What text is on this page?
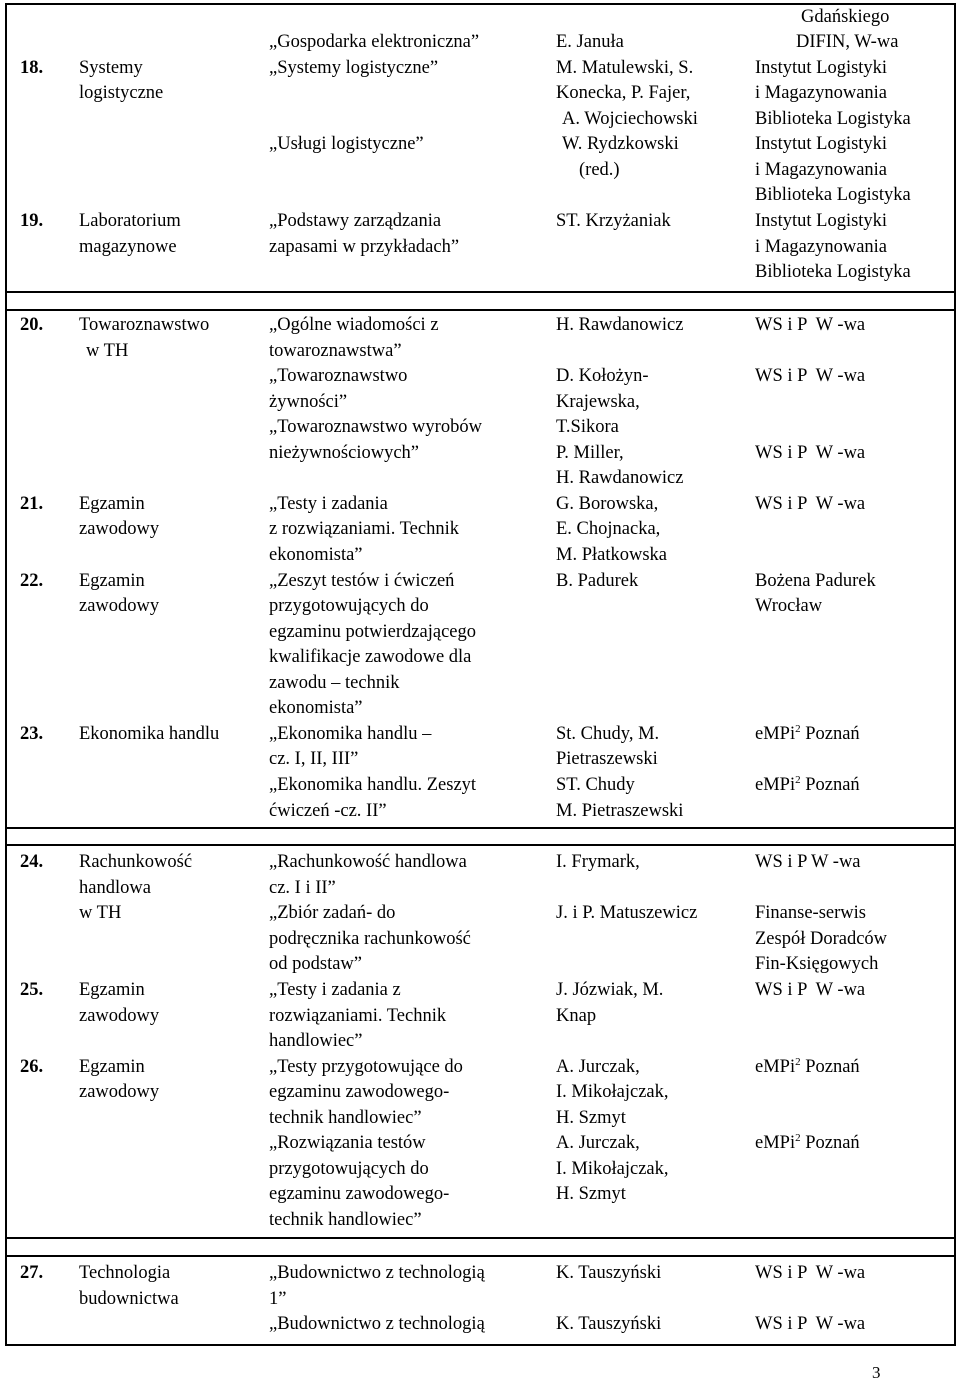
18. Systemy
logistyczne
19. Laboratorium
magazynowe
„Gospodarka elektroniczna”
„Systemy logistyczne”
„Usługi logistyczne”
„Podstawy zarządzania
zapasami w przykładach”
E. Januła
M. Matulewski, S.
Konecka, P. Fajer,
A. Wojciechowski
W. Rydzkowski
(red.)
ST. Krzyżaniak
Gdańskiego
DIFIN, W-wa
Instytut Logistyki
i Magazynowania
Biblioteka Logistyka
Instytut Logistyki
i Magazynowania
Biblioteka Logistyka
Instytut Logistyki
i Magazynowania
Biblioteka Logistyka
20. Towaroznawstwo
w TH
21. Egzamin
zawodowy
22. Egzamin
zawodowy
23. Ekonomika handlu
„Ogólne wiadomości z
towaroznawstwa”
„Towaroznawstwo
żywności”
„Towaroznawstwo wyrobów
nieżywnościowych”
„Testy i zadania
z rozwiązaniami. Technik
ekonomista”
„Zeszyt testów i ćwiczeń
przygotowujących do
egzaminu potwierdzającego
kwalifikacje zawodowe dla
zawodu – technik
ekonomista”
„Ekonomika handlu –
cz. I, II, III”
„Ekonomika handlu. Zeszyt
ćwiczeń -cz. II”
H. Rawdanowicz
D. Kołożyn-
Krajewska,
T.Sikora
P. Miller,
H. Rawdanowicz
G. Borowska,
E. Chojnacka,
M. Płatkowska
B. Padurek
St. Chudy, M.
Pietraszewski
ST. Chudy
M. Pietraszewski
WS i P  W -wa
WS i P  W -wa
WS i P  W -wa
WS i P  W -wa
Bożena Padurek
Wrocław
eMPi$^2$ Poznań
eMPi$^2$ Poznań
24. Rachunkowość
handlowa
w TH
25. Egzamin
zawodowy
26. Egzamin
zawodowy
„Rachunkowość handlowa
cz. I i II”
„Zbiór zadań- do
podręcznika rachunkowość
od podstaw”
„Testy i zadania z
rozwiązaniami. Technik
handlowiec”
„Testy przygotowujące do
egzaminu zawodowego-
technik handlowiec”
„Rozwiązania testów
przygotowujących do
egzaminu zawodowego-
technik handlowiec”
I. Frymark,
J. i P. Matuszewicz
J. Józwiak, M.
Knap
A. Jurczak,
I. Mikołajczak,
H. Szmyt
A. Jurczak,
I. Mikołajczak,
H. Szmyt
WS i P W -wa
Finanse-serwis
Zespół Doradców
Fin-Księgowych
WS i P  W -wa
eMPi$^2$ Poznań
eMPi$^2$ Poznań
27. Technologia
budownictwa
„Budownictwo z technologią
1”
„Budownictwo z technologią
K. Tauszyński
K. Tauszyński
WS i P  W -wa
WS i P  W -wa
3
